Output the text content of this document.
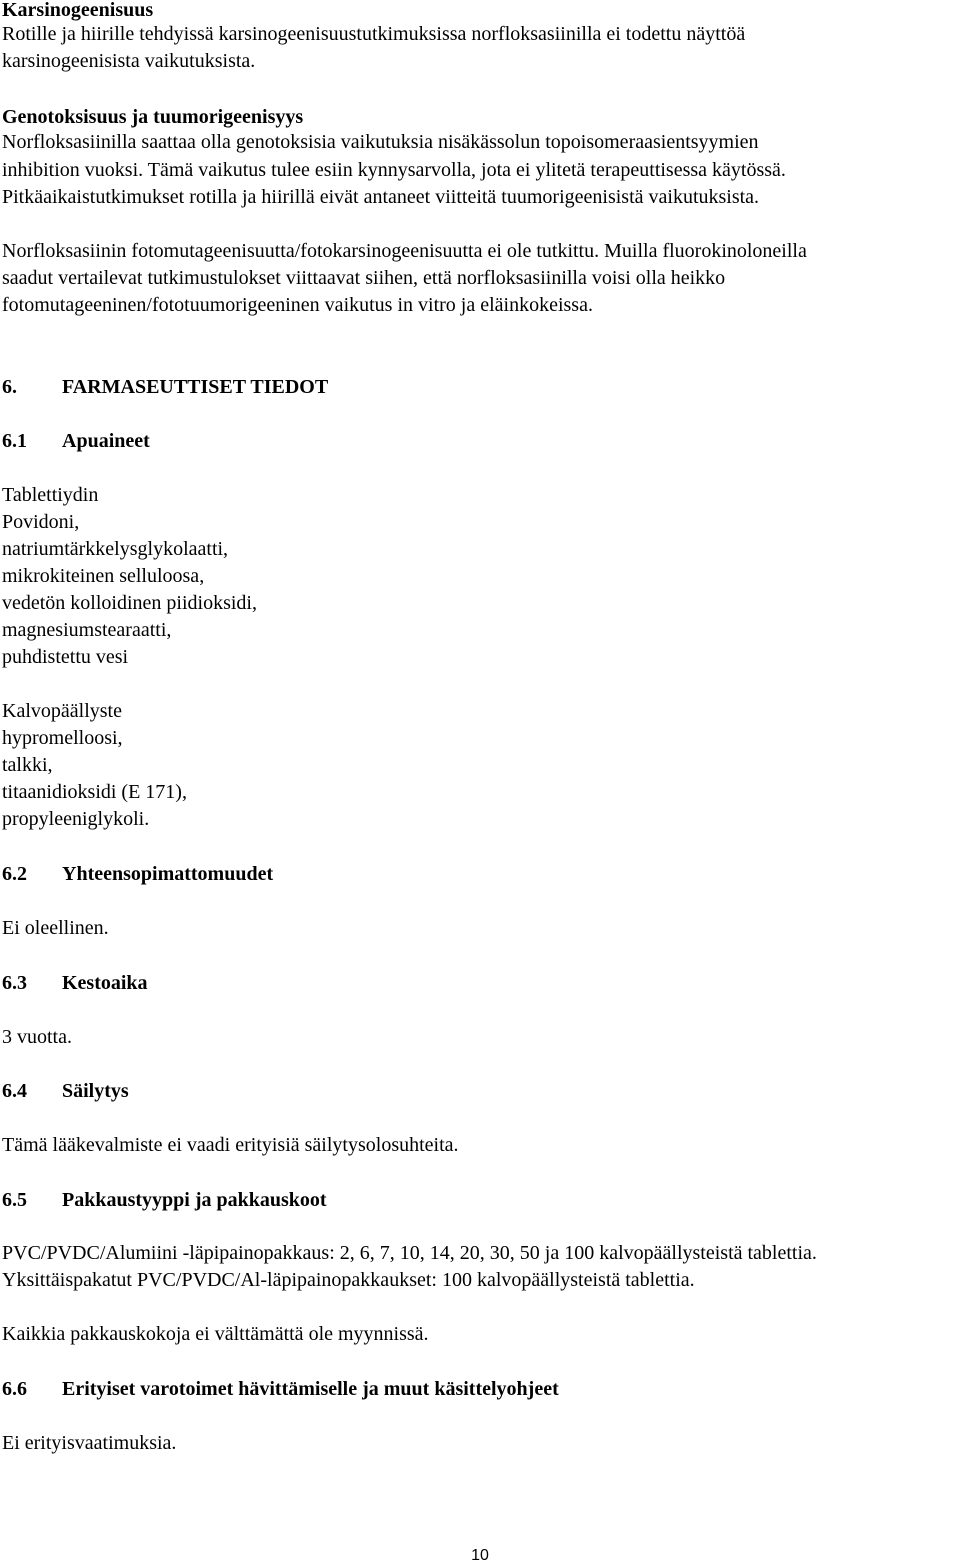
Karsinogeenisuus

Rotille ja hiirille tehdyissä karsinogeenisuustutkimuksissa norfloksasiinilla ei todettu näyttöä

karsinogeenisista vaikutuksista.

Genotoksisuus ja tuumorigeenisyys

Norfloksasiinilla saattaa olla genotoksisia vaikutuksia nisäkässolun topoisomeraasientsyymien

inhibition vuoksi. Tämä vaikutus tulee esiin kynnysarvolla, jota ei ylitetä terapeuttisessa käytössä.

Pitkäaikaistutkimukset rotilla ja hiirillä eivät antaneet viitteitä tuumorigeenisistä vaikutuksista.

Norfloksasiinin fotomutageenisuutta/fotokarsinogeenisuutta ei ole tutkittu. Muilla fluorokinoloneilla

saadut vertailevat tutkimustulokset viittaavat siihen, että norfloksasiinilla voisi olla heikko

fotomutageeninen/fototuumorigeeninen vaikutus in vitro ja eläinkokeissa.

6. FARMASEUTTISET TIEDOT

6.1 Apuaineet

Tablettiydin

Povidoni,

natriumtärkkelysglykolaatti,

mikrokiteinen selluloosa,

vedetön kolloidinen piidioksidi,

magnesiumstearaatti,

puhdistettu vesi

Kalvopäällyste

hypromelloosi,

talkki,

titaanidioksidi (E 171),

propyleeniglykoli.

6.2 Yhteensopimattomuudet

Ei oleellinen.

6.3 Kestoaika

3 vuotta.

6.4 Säilytys

Tämä lääkevalmiste ei vaadi erityisiä säilytysolosuhteita.

6.5 Pakkaustyyppi ja pakkauskoot

PVC/PVDC/Alumiini -läpipainopakkaus: 2, 6, 7, 10, 14, 20, 30, 50 ja 100 kalvopäällysteistä tablettia.

Yksittäispakatut PVC/PVDC/Al-läpipainopakkaukset: 100 kalvopäällysteistä tablettia.

Kaikkia pakkauskokoja ei välttämättä ole myynnissä.

6.6 Erityiset varotoimet hävittämiselle ja muut käsittelyohjeet

Ei erityisvaatimuksia.

10
